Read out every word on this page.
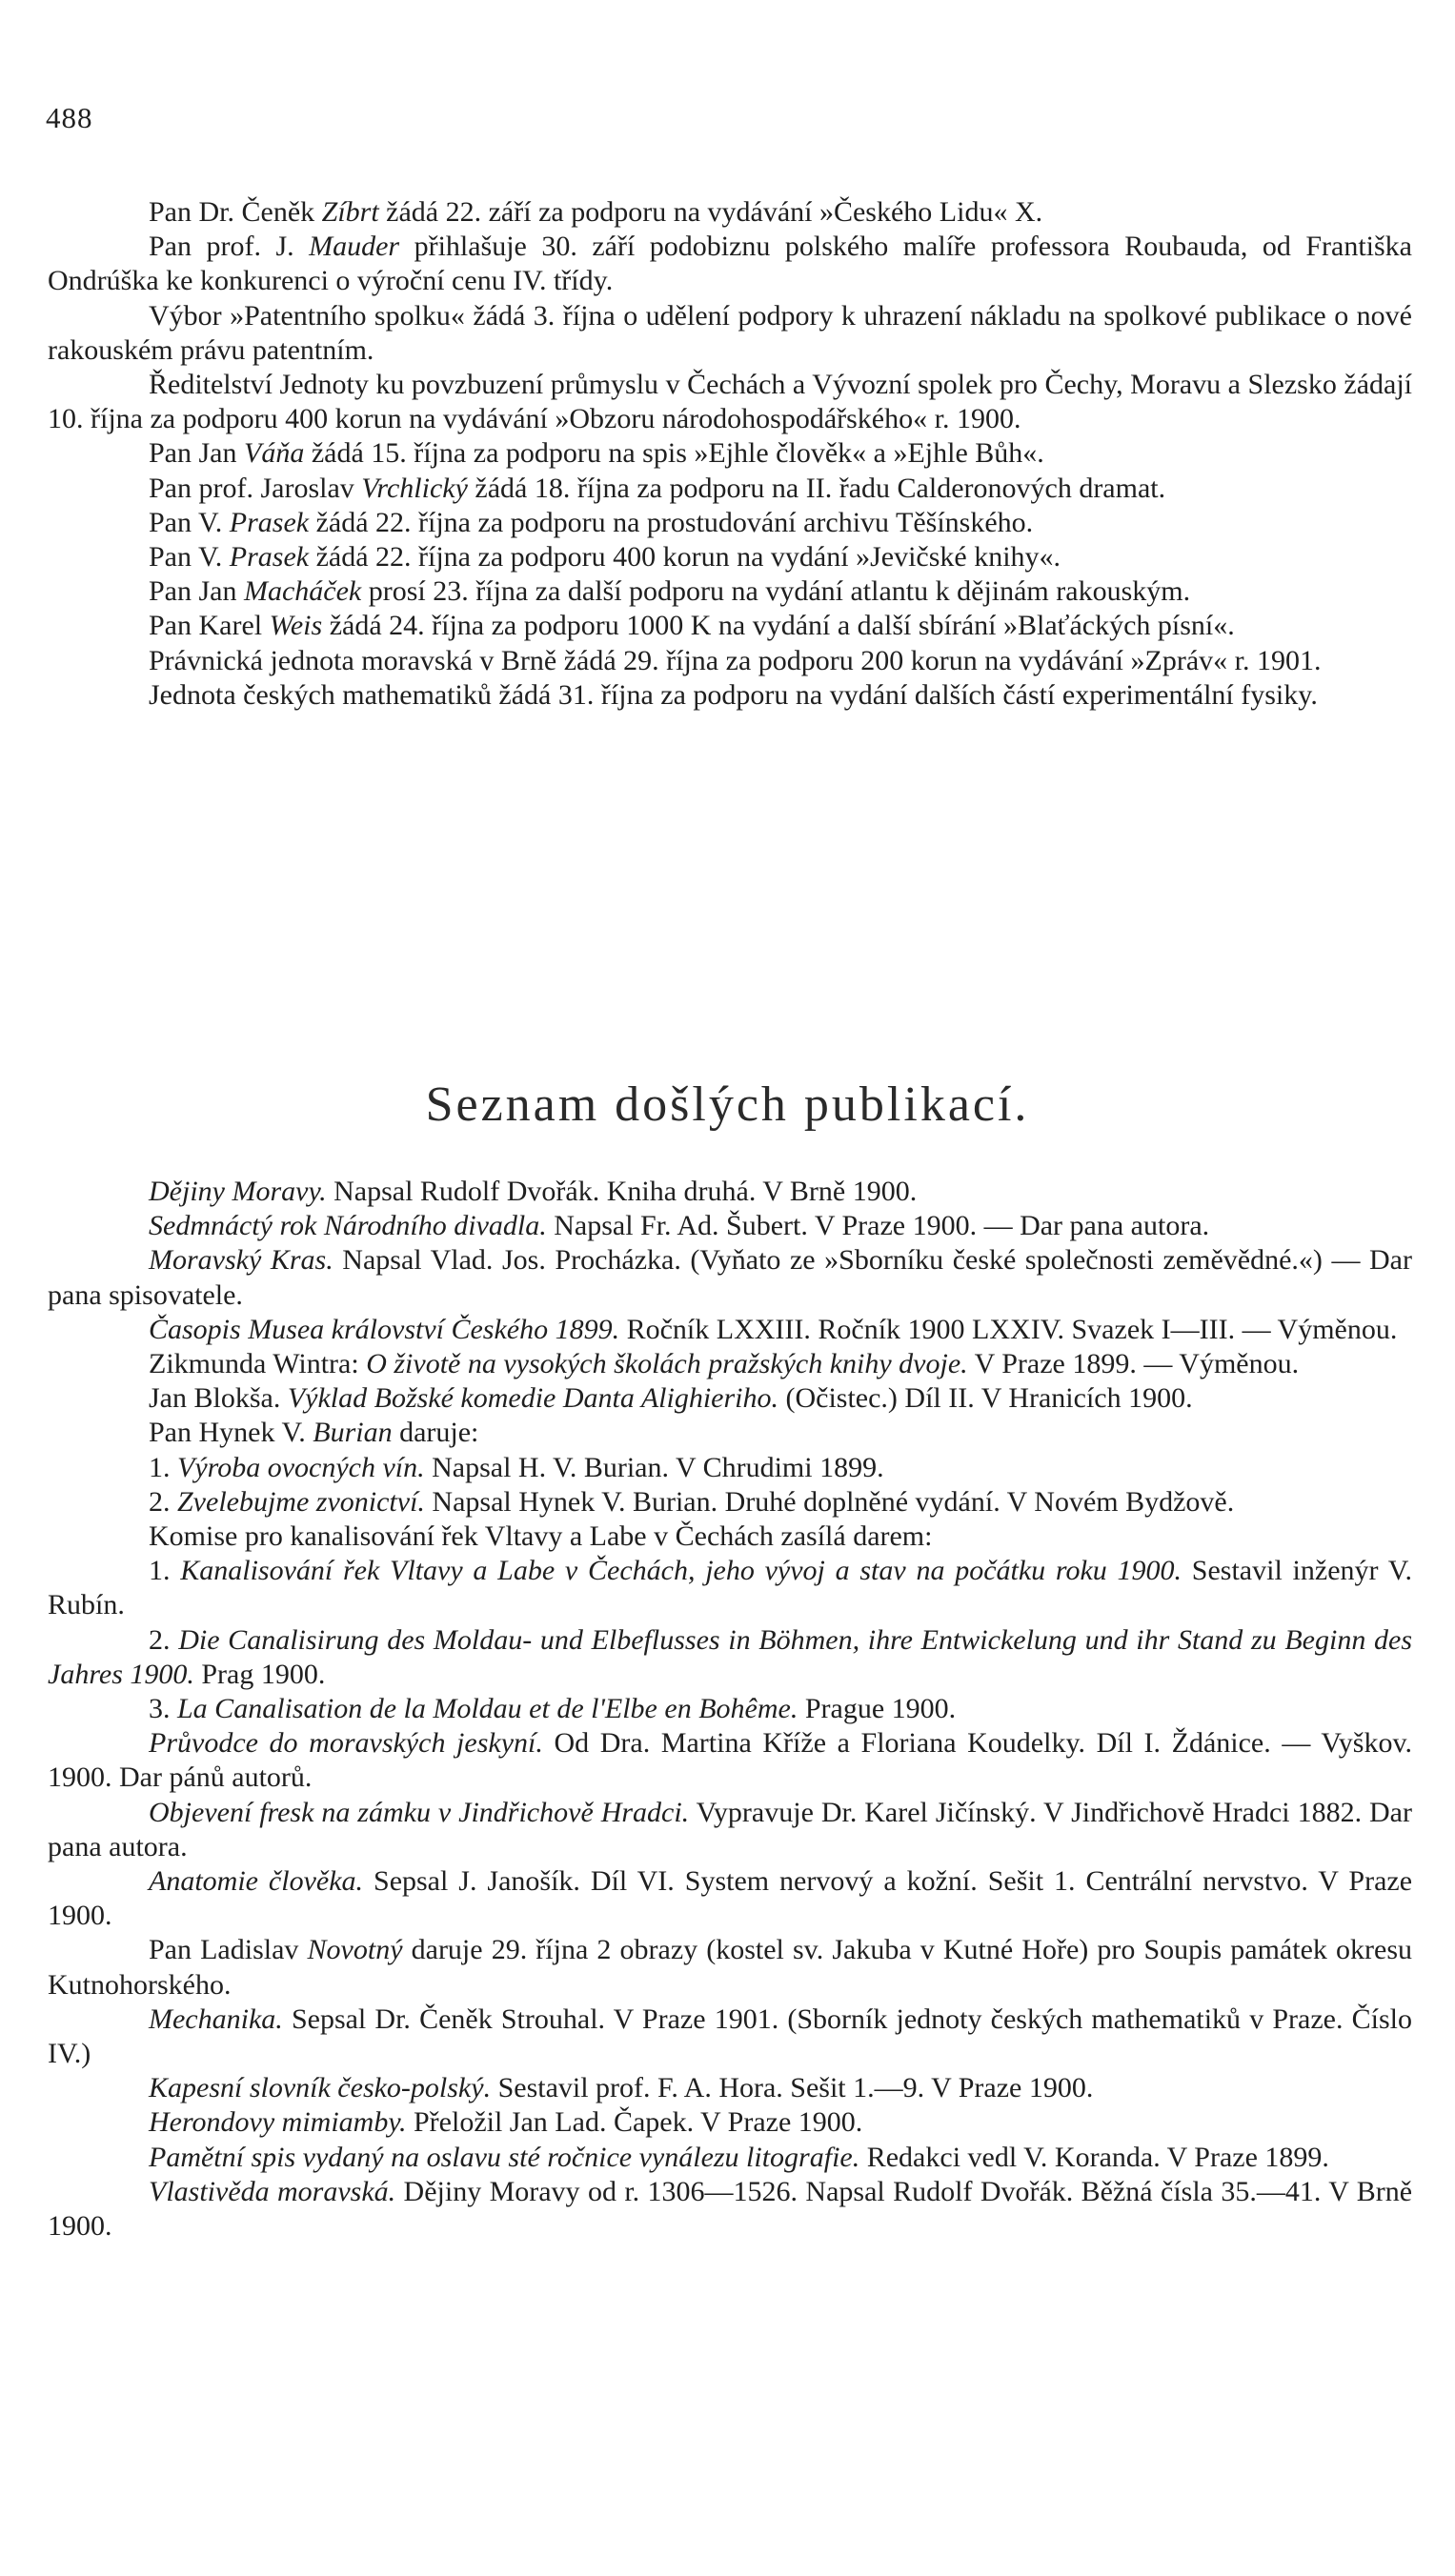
488

Pan Dr. Čeněk Zíbrt žádá 22. září za podporu na vydávání »Českého Lidu« X.

Pan prof. J. Mauder přihlašuje 30. září podobiznu polského malíře professora Roubauda, od Františka Ondrúška ke konkurenci o výroční cenu IV. třídy.

Výbor »Patentního spolku« žádá 3. října o udělení podpory k uhrazení nákladu na spolkové publikace o nové rakouském právu patentním.

Ředitelství Jednoty ku povzbuzení průmyslu v Čechách a Vývozní spolek pro Čechy, Moravu a Slezsko žádají 10. října za podporu 400 korun na vydávání »Obzoru národohospodářského« r. 1900.

Pan Jan Váňa žádá 15. října za podporu na spis »Ejhle člověk« a »Ejhle Bůh«.

Pan prof. Jaroslav Vrchlický žádá 18. října za podporu na II. řadu Calderonových dramat.

Pan V. Prasek žádá 22. října za podporu na prostudování archivu Těšínského.

Pan V. Prasek žádá 22. října za podporu 400 korun na vydání »Jevičské knihy«.

Pan Jan Macháček prosí 23. října za další podporu na vydání atlantu k dějinám rakouským.

Pan Karel Weis žádá 24. října za podporu 1000 K na vydání a další sbírání »Blaťáckých písní«.

Právnická jednota moravská v Brně žádá 29. října za podporu 200 korun na vydávání »Zpráv« r. 1901.

Jednota českých mathematiků žádá 31. října za podporu na vydání dalších částí experimentální fysiky.

Seznam došlých publikací.

Dějiny Moravy. Napsal Rudolf Dvořák. Kniha druhá. V Brně 1900.

Sedmnáctý rok Národního divadla. Napsal Fr. Ad. Šubert. V Praze 1900. — Dar pana autora.

Moravský Kras. Napsal Vlad. Jos. Procházka. (Vyňato ze »Sborníku české společnosti zeměvědné.«) — Dar pana spisovatele.

Časopis Musea království Českého 1899. Ročník LXXIII. Ročník 1900 LXXIV. Svazek I—III. — Výměnou.

Zikmunda Wintra: O životě na vysokých školách pražských knihy dvoje. V Praze 1899. — Výměnou.

Jan Blokša. Výklad Božské komedie Danta Alighieriho. (Očistec.) Díl II. V Hranicích 1900.

Pan Hynek V. Burian daruje:

1. Výroba ovocných vín. Napsal H. V. Burian. V Chrudimi 1899.

2. Zvelebujme zvonictví. Napsal Hynek V. Burian. Druhé doplněné vydání. V Novém Bydžově.

Komise pro kanalisování řek Vltavy a Labe v Čechách zasílá darem:

1. Kanalisování řek Vltavy a Labe v Čechách, jeho vývoj a stav na počátku roku 1900. Sestavil inženýr V. Rubín.

2. Die Canalisirung des Moldau- und Elbeflusses in Böhmen, ihre Entwickelung und ihr Stand zu Beginn des Jahres 1900. Prag 1900.

3. La Canalisation de la Moldau et de l'Elbe en Bohême. Prague 1900.

Průvodce do moravských jeskyní. Od Dra. Martina Kříže a Floriana Koudelky. Díl I. Ždánice. — Vyškov. 1900. Dar pánů autorů.

Objevení fresk na zámku v Jindřichově Hradci. Vypravuje Dr. Karel Jičínský. V Jindřichově Hradci 1882. Dar pana autora.

Anatomie člověka. Sepsal J. Janošík. Díl VI. System nervový a kožní. Sešit 1. Centrální nervstvo. V Praze 1900.

Pan Ladislav Novotný daruje 29. října 2 obrazy (kostel sv. Jakuba v Kutné Hoře) pro Soupis památek okresu Kutnohorského.

Mechanika. Sepsal Dr. Čeněk Strouhal. V Praze 1901. (Sborník jednoty českých mathematiků v Praze. Číslo IV.)

Kapesní slovník česko-polský. Sestavil prof. F. A. Hora. Sešit 1.—9. V Praze 1900.

Herondovy mimiamby. Přeložil Jan Lad. Čapek. V Praze 1900.

Pamětní spis vydaný na oslavu sté ročnice vynálezu litografie. Redakci vedl V. Koranda. V Praze 1899.

Vlastivěda moravská. Dějiny Moravy od r. 1306—1526. Napsal Rudolf Dvořák. Běžná čísla 35.—41. V Brně 1900.
